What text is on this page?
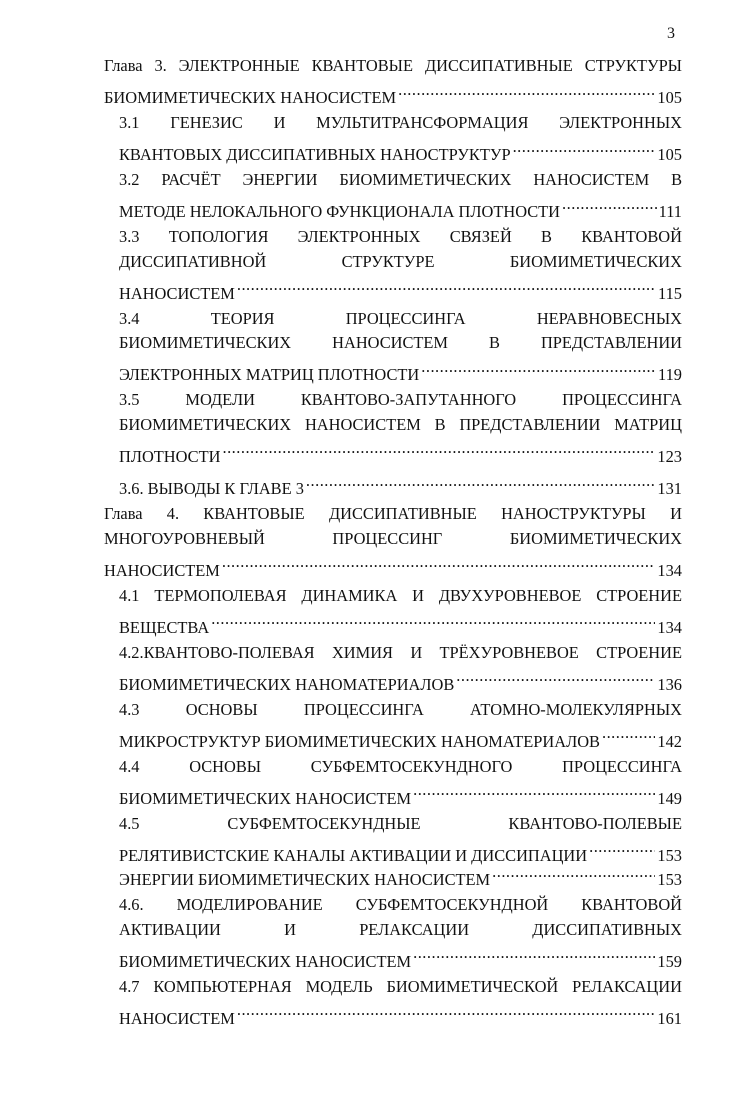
3
Глава 3. ЭЛЕКТРОННЫЕ КВАНТОВЫЕ ДИССИПАТИВНЫЕ СТРУКТУРЫ
БИОМИМЕТИЧЕСКИХ НАНОСИСТЕМ .....	105
3.1 ГЕНЕЗИС И МУЛЬТИТРАНСФОРМАЦИЯ ЭЛЕКТРОННЫХ
КВАНТОВЫХ ДИССИПАТИВНЫХ НАНОСТРУКТУР .....	105
3.2 РАСЧЁТ ЭНЕРГИИ БИОМИМЕТИЧЕСКИХ НАНОСИСТЕМ В
МЕТОДЕ НЕЛОКАЛЬНОГО ФУНКЦИОНАЛА ПЛОТНОСТИ .....	111
3.3 ТОПОЛОГИЯ ЭЛЕКТРОННЫХ СВЯЗЕЙ В КВАНТОВОЙ
ДИССИПАТИВНОЙ	СТРУКТУРЕ	БИОМИМЕТИЧЕСКИХ
НАНОСИСТЕМ .....	115
3.4	ТЕОРИЯ	ПРОЦЕССИНГА	НЕРАВНОВЕСНЫХ
БИОМИМЕТИЧЕСКИХ	НАНОСИСТЕМ	В	ПРЕДСТАВЛЕНИИ
ЭЛЕКТРОННЫХ МАТРИЦ ПЛОТНОСТИ .....	119
3.5	МОДЕЛИ	КВАНТОВО-ЗАПУТАННОГО	ПРОЦЕССИНГА
БИОМИМЕТИЧЕСКИХ НАНОСИСТЕМ В ПРЕДСТАВЛЕНИИ МАТРИЦ
ПЛОТНОСТИ .....	123
3.6. ВЫВОДЫ К ГЛАВЕ 3 .....	131
Глава 4. КВАНТОВЫЕ ДИССИПАТИВНЫЕ НАНОСТРУКТУРЫ И
МНОГОУРОВНЕВЫЙ	ПРОЦЕССИНГ	БИОМИМЕТИЧЕСКИХ
НАНОСИСТЕМ .....	134
4.1 ТЕРМОПОЛЕВАЯ ДИНАМИКА И ДВУХУРОВНЕВОЕ СТРОЕНИЕ
ВЕЩЕСТВА .....	134
4.2.КВАНТОВО-ПОЛЕВАЯ ХИМИЯ И ТРЁХУРОВНЕВОЕ СТРОЕНИЕ
БИОМИМЕТИЧЕСКИХ НАНОМАТЕРИАЛОВ .....	136
4.3	ОСНОВЫ	ПРОЦЕССИНГА	АТОМНО-МОЛЕКУЛЯРНЫХ
МИКРОСТРУКТУР БИОМИМЕТИЧЕСКИХ НАНОМАТЕРИАЛОВ .....	142
4.4	ОСНОВЫ	СУБФЕМТОСЕКУНДНОГО	ПРОЦЕССИНГА
БИОМИМЕТИЧЕСКИХ НАНОСИСТЕМ .....	149
4.5	СУБФЕМТОСЕКУНДНЫЕ	КВАНТОВО-ПОЛЕВЫЕ
РЕЛЯТИВИСТСКИЕ КАНАЛЫ АКТИВАЦИИ И ДИССИПАЦИИ .....	153
ЭНЕРГИИ БИОМИМЕТИЧЕСКИХ НАНОСИСТЕМ .....	153
4.6. МОДЕЛИРОВАНИЕ СУБФЕМТОСЕКУНДНОЙ КВАНТОВОЙ
АКТИВАЦИИ	И	РЕЛАКСАЦИИ	ДИССИПАТИВНЫХ
БИОМИМЕТИЧЕСКИХ НАНОСИСТЕМ .....	159
4.7 КОМПЬЮТЕРНАЯ МОДЕЛЬ БИОМИМЕТИЧЕСКОЙ РЕЛАКСАЦИИ
НАНОСИСТЕМ .....	161
